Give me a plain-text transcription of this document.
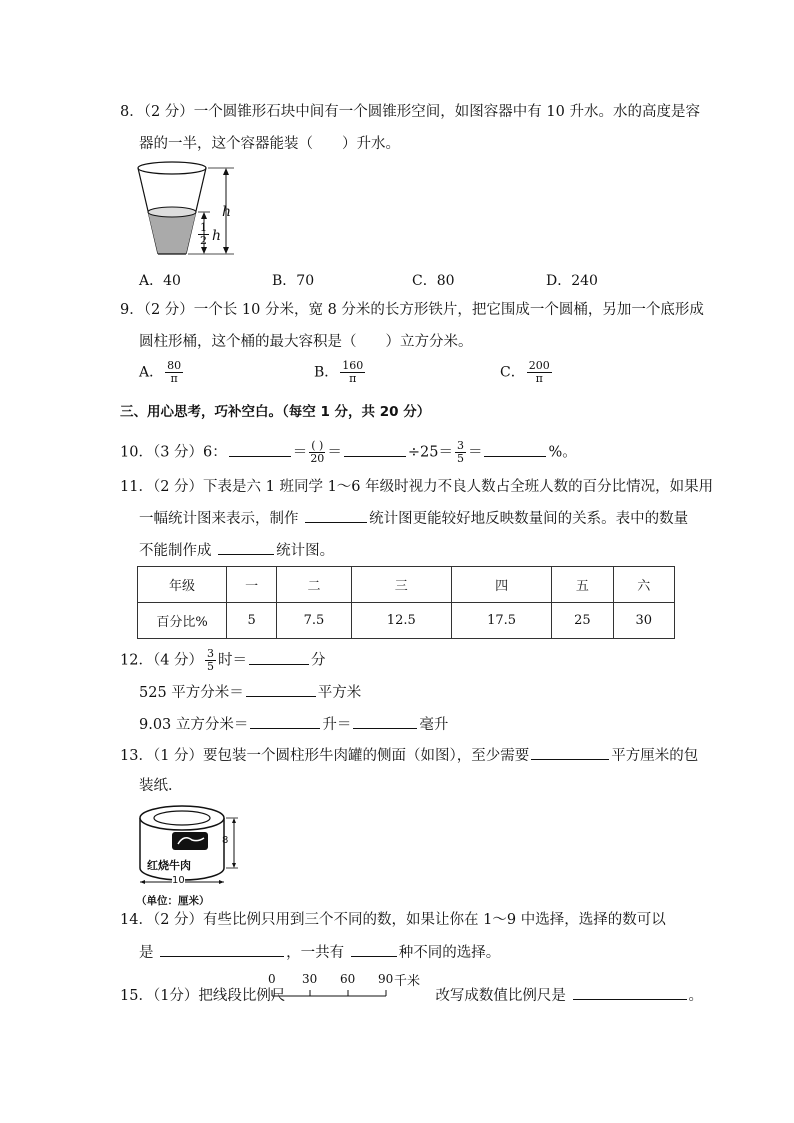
8．（2 分）一个圆锥形石块中间有一个圆锥形空间，如图容器中有 10 升水。水的高度是容
器的一半，这个容器能装（　　）升水。
h
$\frac{1}{2}$ h
A．40	B．70	C．80	D．240
9．（2 分）一个长 10 分米，宽 8 分米的长方形铁片，把它围成一个圆桶，另加一个底形成
圆柱形桶，这个桶的最大容积是（　　）立方分米。
A． $\frac{80}{\pi}$	B． $\frac{160}{\pi}$	C． $\frac{200}{\pi}$
三、用心思考，巧补空白。（每空 1 分，共 20 分）
10．（3 分）6：	＝ $\frac{( )}{20}$ ＝	$\div 25= \frac{3}{5}$ ＝	%。
11．（2 分）下表是六 1 班同学 1～6 年级时视力不良人数占全班人数的百分比情况，如果用
一幅统计图来表示，制作	统计图更能较好地反映数量间的关系。表中的数量
不能制作成	统计图。
年级	一	二	三	四	五	六
百分比%	5	7.5	12.5	17.5	25	30
12．（4 分） $\frac{3}{5}$ 时＝	分
525 平方分米＝	平方米
9.03 立方分米＝	升＝	毫升
13．（1 分）要包装一个圆柱形牛肉罐的侧面（如图），至少需要	平方厘米的包
装纸．
红烧牛肉
8
10
（单位：厘米）
14．（2 分）有些比例只用到三个不同的数，如果让你在 1～9 中选择，选择的数可以
是	，一共有	种不同的选择。
15．（1分）把线段比例尺	改写成数值比例尺是	。
0 30 60 90 千米
